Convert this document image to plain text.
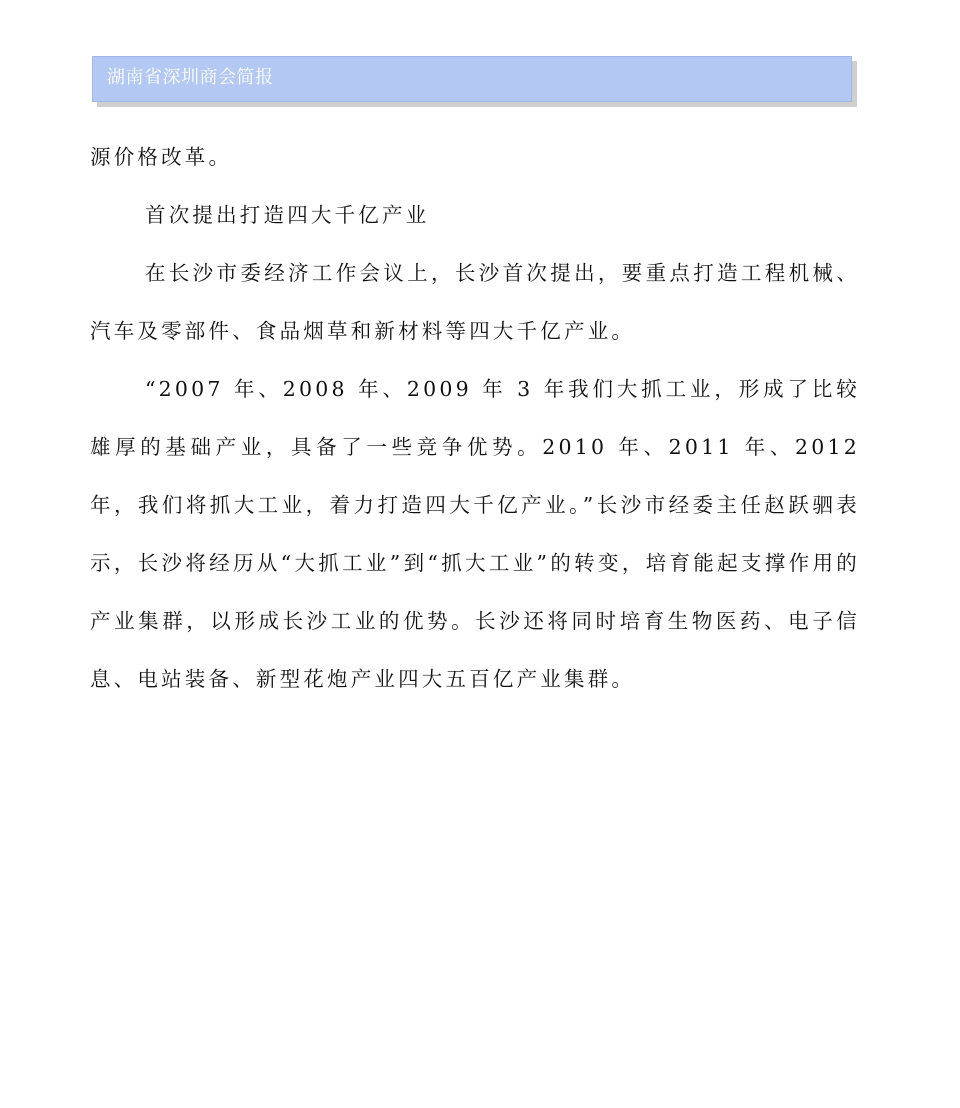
湖南省深圳商会简报

源价格改革。

首次提出打造四大千亿产业

在长沙市委经济工作会议上，长沙首次提出，要重点打造工程机械、汽车及零部件、食品烟草和新材料等四大千亿产业。

“2007 年、2008 年、2009 年 3 年我们大抓工业，形成了比较雄厚的基础产业，具备了一些竞争优势。2010 年、2011 年、2012 年，我们将抓大工业，着力打造四大千亿产业。”长沙市经委主任赵跃驷表示，长沙将经历从“大抓工业”到“抓大工业”的转变，培育能起支撑作用的产业集群，以形成长沙工业的优势。长沙还将同时培育生物医药、电子信息、电站装备、新型花炮产业四大五百亿产业集群。
